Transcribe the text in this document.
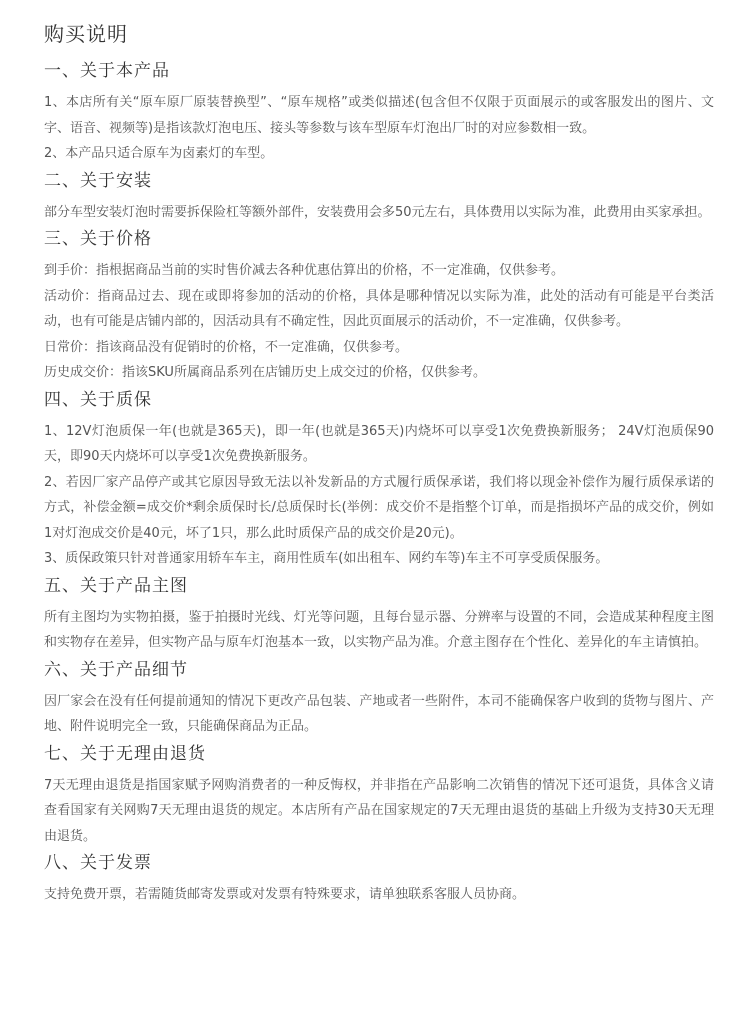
购买说明
一、关于本产品

1、本店所有关“原车原厂原装替换型”、“原车规格”或类似描述(包含但不仅限于页面展示的或客服发出的图片、文字、语音、视频等)是指该款灯泡电压、接头等参数与该车型原车灯泡出厂时的对应参数相一致。

2、本产品只适合原车为卤素灯的车型。

二、关于安装

部分车型安装灯泡时需要拆保险杠等额外部件，安装费用会多50元左右，具体费用以实际为准，此费用由买家承担。

三、关于价格

到手价：指根据商品当前的实时售价减去各种优惠估算出的价格，不一定准确，仅供参考。

活动价：指商品过去、现在或即将参加的活动的价格，具体是哪种情况以实际为准，此处的活动有可能是平台类活动，也有可能是店铺内部的，因活动具有不确定性，因此页面展示的活动价，不一定准确，仅供参考。

日常价：指该商品没有促销时的价格，不一定准确，仅供参考。

历史成交价：指该SKU所属商品系列在店铺历史上成交过的价格，仅供参考。

四、关于质保

1、12V灯泡质保一年(也就是365天)，即一年(也就是365天)内烧坏可以享受1次免费换新服务； 24V灯泡质保90天，即90天内烧坏可以享受1次免费换新服务。

2、若因厂家产品停产或其它原因导致无法以补发新品的方式履行质保承诺，我们将以现金补偿作为履行质保承诺的方式，补偿金额=成交价*剩余质保时长/总质保时长(举例：成交价不是指整个订单，而是指损坏产品的成交价，例如1对灯泡成交价是40元，坏了1只，那么此时质保产品的成交价是20元)。

3、质保政策只针对普通家用轿车车主，商用性质车(如出租车、网约车等)车主不可享受质保服务。

五、关于产品主图

所有主图均为实物拍摄，鉴于拍摄时光线、灯光等问题，且每台显示器、分辨率与设置的不同，会造成某种程度主图和实物存在差异，但实物产品与原车灯泡基本一致，以实物产品为准。介意主图存在个性化、差异化的车主请慎拍。

六、关于产品细节

因厂家会在没有任何提前通知的情况下更改产品包装、产地或者一些附件，本司不能确保客户收到的货物与图片、产地、附件说明完全一致，只能确保商品为正品。

七、关于无理由退货

7天无理由退货是指国家赋予网购消费者的一种反悔权，并非指在产品影响二次销售的情况下还可退货，具体含义请查看国家有关网购7天无理由退货的规定。本店所有产品在国家规定的7天无理由退货的基础上升级为支持30天无理由退货。

八、关于发票

支持免费开票，若需随货邮寄发票或对发票有特殊要求，请单独联系客服人员协商。
